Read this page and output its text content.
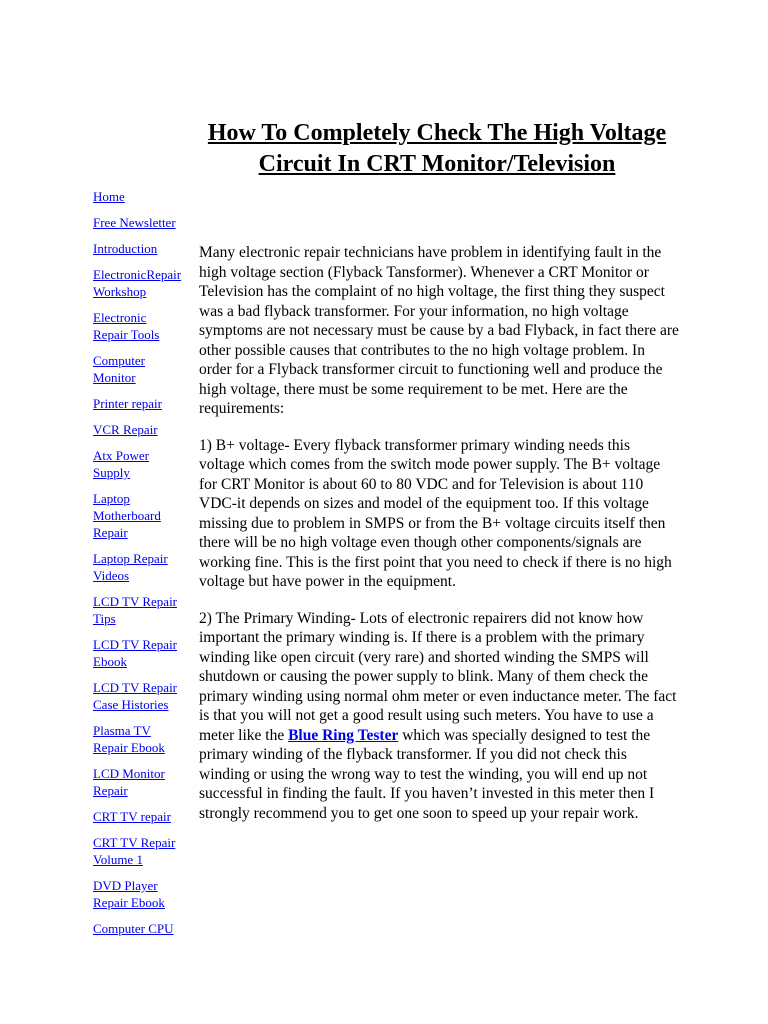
How To Completely Check The High Voltage Circuit In CRT Monitor/Television
Home
Free Newsletter
Introduction
ElectronicRepair
Workshop
Electronic
Repair Tools
Computer
Monitor
Printer repair
VCR Repair
Atx Power
Supply
Laptop
Motherboard
Repair
Laptop Repair
Videos
LCD TV Repair
Tips
LCD TV Repair
Ebook
LCD TV Repair
Case Histories
Plasma TV
Repair Ebook
LCD Monitor
Repair
CRT TV repair
CRT TV Repair
Volume 1
DVD Player
Repair Ebook
Computer CPU

Many electronic repair technicians have problem in identifying fault in the high voltage section (Flyback Tansformer). Whenever a CRT Monitor or Television has the complaint of no high voltage, the first thing they suspect was a bad flyback transformer. For your information, no high voltage symptoms are not necessary must be cause by a bad Flyback, in fact there are other possible causes that contributes to the no high voltage problem. In order for a Flyback transformer circuit to functioning well and produce the high voltage, there must be some requirement to be met. Here are the requirements:

1) B+ voltage- Every flyback transformer primary winding needs this voltage which comes from the switch mode power supply. The B+ voltage for CRT Monitor is about 60 to 80 VDC and for Television is about 110 VDC-it depends on sizes and model of the equipment too. If this voltage missing due to problem in SMPS or from the B+ voltage circuits itself then there will be no high voltage even though other components/signals are working fine. This is the first point that you need to check if there is no high voltage but have power in the equipment.

2) The Primary Winding- Lots of electronic repairers did not know how important the primary winding is. If there is a problem with the primary winding like open circuit (very rare) and shorted winding the SMPS will shutdown or causing the power supply to blink. Many of them check the primary winding using normal ohm meter or even inductance meter. The fact is that you will not get a good result using such meters. You have to use a meter like the Blue Ring Tester which was specially designed to test the primary winding of the flyback transformer. If you did not check this winding or using the wrong way to test the winding, you will end up not successful in finding the fault. If you haven’t invested in this meter then I strongly recommend you to get one soon to speed up your repair work.
